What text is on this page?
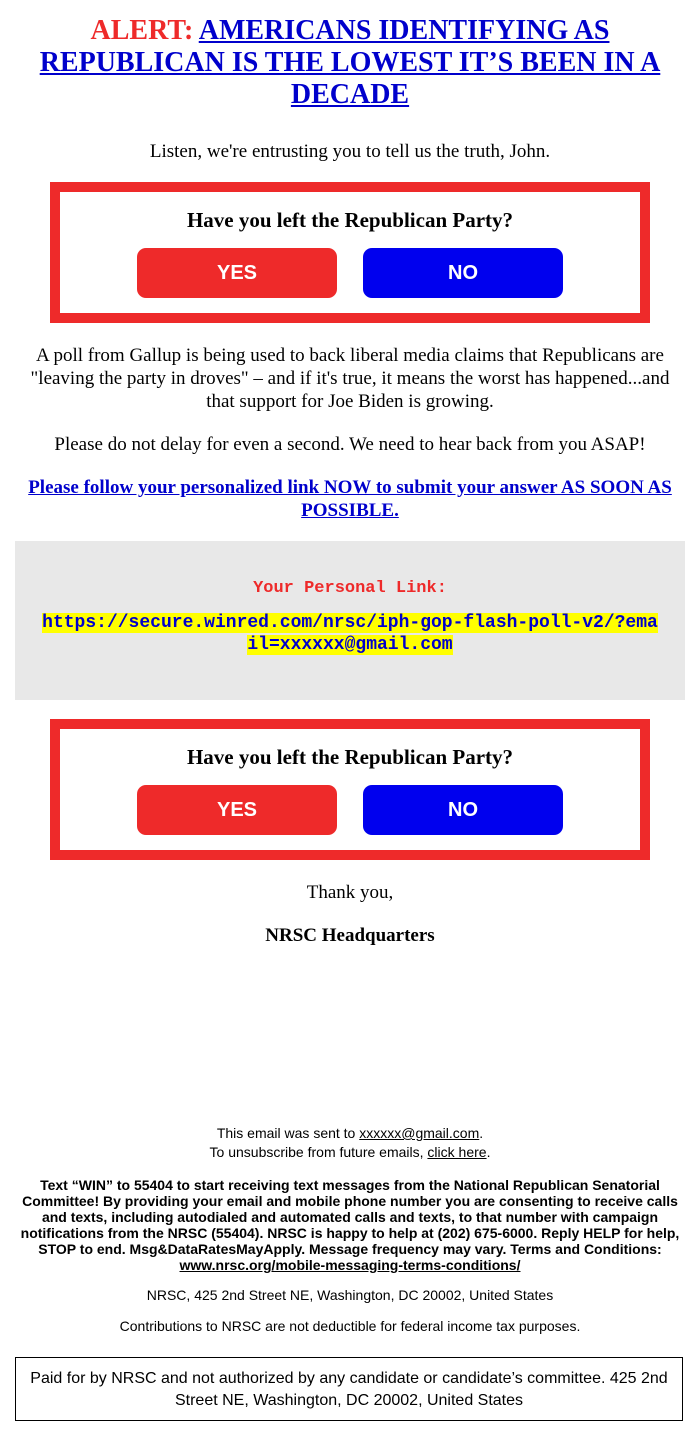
ALERT: AMERICANS IDENTIFYING AS REPUBLICAN IS THE LOWEST IT’S BEEN IN A DECADE
Listen, we're entrusting you to tell us the truth, John.
Have you left the Republican Party?
YES	NO
A poll from Gallup is being used to back liberal media claims that Republicans are "leaving the party in droves" – and if it's true, it means the worst has happened...and that support for Joe Biden is growing.
Please do not delay for even a second. We need to hear back from you ASAP!
Please follow your personalized link NOW to submit your answer AS SOON AS POSSIBLE.
Your Personal Link:
https://secure.winred.com/nrsc/iph-gop-flash-poll-v2/?email=xxxxxx@gmail.com
Have you left the Republican Party?
YES	NO
Thank you,
NRSC Headquarters
This email was sent to xxxxxx@gmail.com.
To unsubscribe from future emails, click here.
Text “WIN” to 55404 to start receiving text messages from the National Republican Senatorial Committee! By providing your email and mobile phone number you are consenting to receive calls and texts, including autodialed and automated calls and texts, to that number with campaign notifications from the NRSC (55404). NRSC is happy to help at (202) 675-6000. Reply HELP for help, STOP to end. Msg&DataRatesMayApply. Message frequency may vary. Terms and Conditions:
www.nrsc.org/mobile-messaging-terms-conditions/
NRSC, 425 2nd Street NE, Washington, DC 20002, United States
Contributions to NRSC are not deductible for federal income tax purposes.
Paid for by NRSC and not authorized by any candidate or candidate’s committee. 425 2nd Street NE, Washington, DC 20002, United States
